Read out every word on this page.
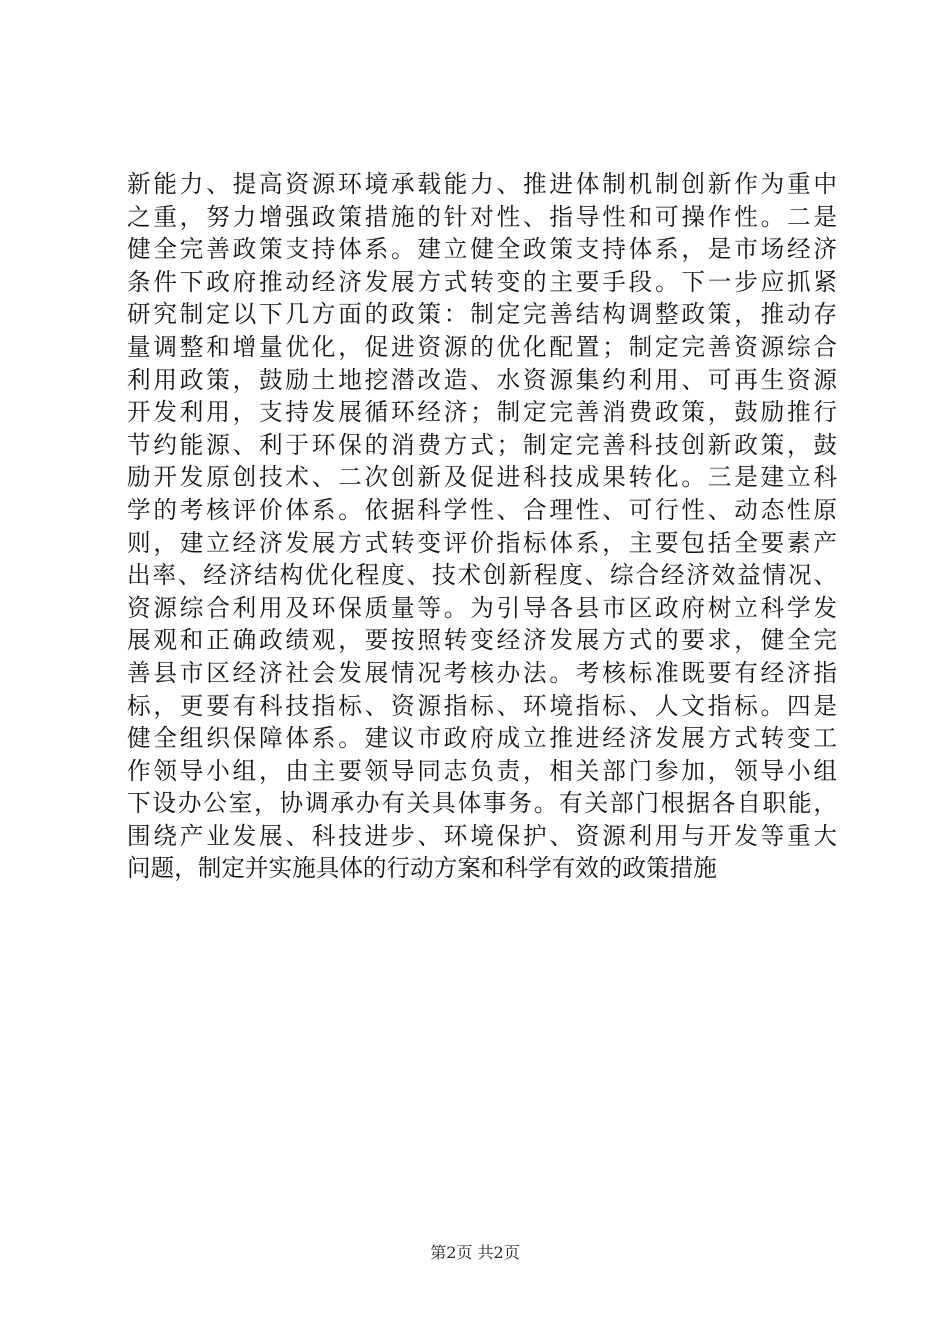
新能力、提高资源环境承载能力、推进体制机制创新作为重中
之重，努力增强政策措施的针对性、指导性和可操作性。二是
健全完善政策支持体系。建立健全政策支持体系，是市场经济
条件下政府推动经济发展方式转变的主要手段。下一步应抓紧
研究制定以下几方面的政策：制定完善结构调整政策，推动存
量调整和增量优化，促进资源的优化配置；制定完善资源综合
利用政策，鼓励土地挖潜改造、水资源集约利用、可再生资源
开发利用，支持发展循环经济；制定完善消费政策，鼓励推行
节约能源、利于环保的消费方式；制定完善科技创新政策，鼓
励开发原创技术、二次创新及促进科技成果转化。三是建立科
学的考核评价体系。依据科学性、合理性、可行性、动态性原
则，建立经济发展方式转变评价指标体系，主要包括全要素产
出率、经济结构优化程度、技术创新程度、综合经济效益情况、
资源综合利用及环保质量等。为引导各县市区政府树立科学发
展观和正确政绩观，要按照转变经济发展方式的要求，健全完
善县市区经济社会发展情况考核办法。考核标准既要有经济指
标，更要有科技指标、资源指标、环境指标、人文指标。四是
健全组织保障体系。建议市政府成立推进经济发展方式转变工
作领导小组，由主要领导同志负责，相关部门参加，领导小组
下设办公室，协调承办有关具体事务。有关部门根据各自职能，
围绕产业发展、科技进步、环境保护、资源利用与开发等重大
问题，制定并实施具体的行动方案和科学有效的政策措施
第2页 共2页
